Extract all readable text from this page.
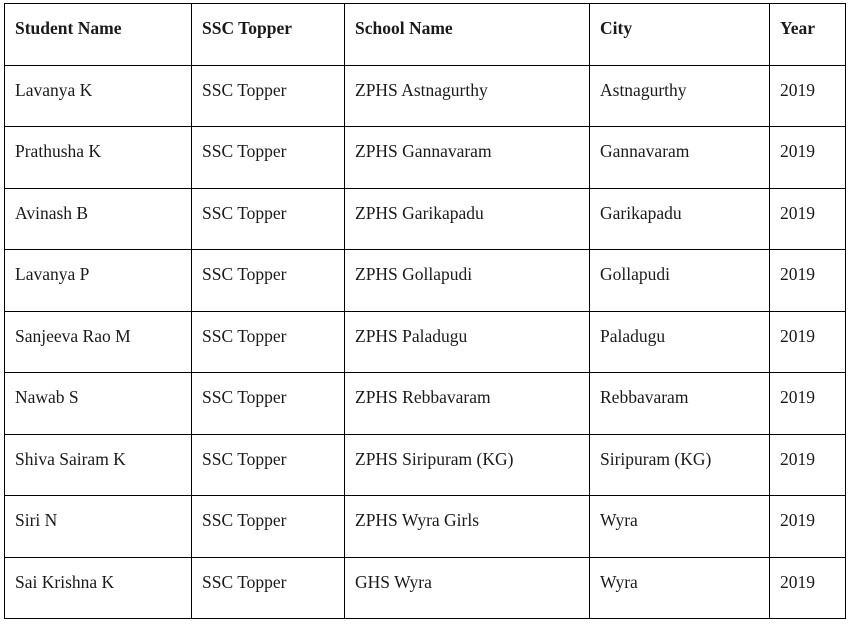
Student Name	SSC Topper	School Name	City	Year

Lavanya K	SSC Topper	ZPHS Astnagurthy	Astnagurthy	2019

Prathusha K	SSC Topper	ZPHS Gannavaram	Gannavaram	2019

Avinash B	SSC Topper	ZPHS Garikapadu	Garikapadu	2019

Lavanya P	SSC Topper	ZPHS Gollapudi	Gollapudi	2019

Sanjeeva Rao M	SSC Topper	ZPHS Paladugu	Paladugu	2019

Nawab S	SSC Topper	ZPHS Rebbavaram	Rebbavaram	2019

Shiva Sairam K	SSC Topper	ZPHS Siripuram (KG)	Siripuram (KG)	2019

Siri N	SSC Topper	ZPHS Wyra Girls	Wyra	2019

Sai Krishna K	SSC Topper	GHS Wyra	Wyra	2019
